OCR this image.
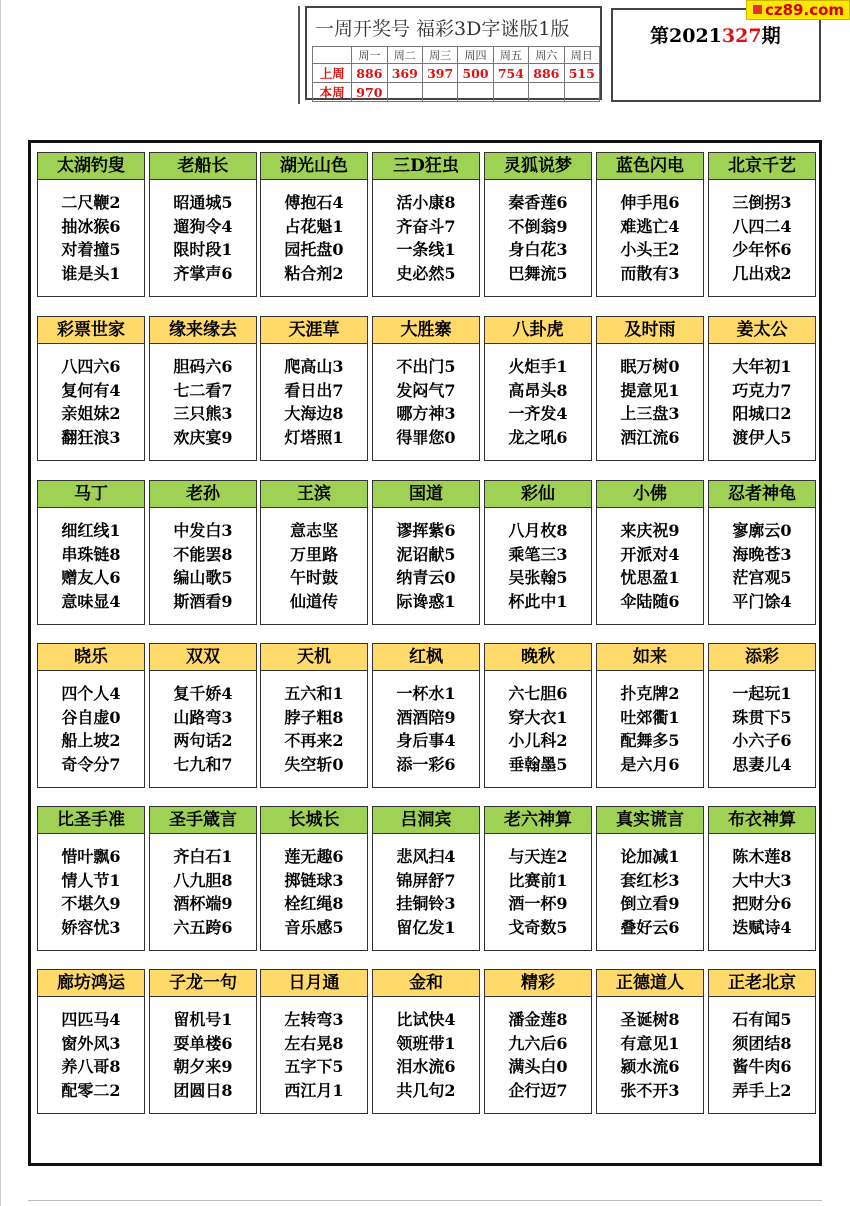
一周开奖号 福彩3D字谜版1版
	周一	周二	周三	周四	周五	周六	周日
上周	886	369	397	500	754	886	515
本周	970						
第2021327期
cz89.com
太湖钓叟
二尺鞭2
抽冰猴6
对着撞5
谁是头1
老船长
昭通城5
遛狗令4
限时段1
齐掌声6
湖光山色
傅抱石4
占花魁1
园托盘0
粘合剂2
三D狂虫
活小康8
齐奋斗7
一条线1
史必然5
灵狐说梦
秦香莲6
不倒翁9
身白花3
巴舞流5
蓝色闪电
伸手甩6
难逃亡4
小头王2
而散有3
北京千艺
三倒拐3
八四二4
少年怀6
几出戏2
彩票世家
八四六6
复何有4
亲姐妹2
翻狂浪3
缘来缘去
胆码六6
七二看7
三只熊3
欢庆宴9
天涯草
爬高山3
看日出7
大海边8
灯塔照1
大胜寨
不出门5
发闷气7
哪方神3
得罪您0
八卦虎
火炬手1
高昂头8
一齐发4
龙之吼6
及时雨
眠万树0
提意见1
上三盘3
洒江流6
姜太公
大年初1
巧克力7
阳城口2
渡伊人5
马丁
细红线1
串珠链8
赠友人6
意味显4
老孙
中发白3
不能罢8
编山歌5
斯酒看9
王滨
意志坚
万里路
午时鼓
仙道传
国道
谬挥紫6
泥诏献5
纳青云0
际谗惑1
彩仙
八月枚8
乘笔三3
吴张翰5
杯此中1
小佛
来庆祝9
开派对4
忧思盈1
伞陆随6
忍者神龟
寥廓云0
海晚苍3
茫宫观5
平门馀4
晓乐
四个人4
谷自虚0
船上坡2
奇令分7
双双
复千娇4
山路弯3
两句话2
七九和7
天机
五六和1
脖子粗8
不再来2
失空斩0
红枫
一杯水1
酒酒陪9
身后事4
添一彩6
晚秋
六七胆6
穿大衣1
小儿科2
垂翰墨5
如来
扑克牌2
吐郊衢1
配舞多5
是六月6
添彩
一起玩1
珠贯下5
小六子6
思妻儿4
比圣手准
惜叶飘6
情人节1
不堪久9
娇容忧3
圣手箴言
齐白石1
八九胆8
酒杯端9
六五跨6
长城长
莲无趣6
掷链球3
栓红绳8
音乐感5
吕洞宾
悲风扫4
锦屏舒7
挂铜铃3
留亿发1
老六神算
与天连2
比赛前1
酒一杯9
戈奇数5
真实谎言
论加减1
套红杉3
倒立看9
叠好云6
布衣神算
陈木莲8
大中大3
把财分6
迭赋诗4
廊坊鸿运
四匹马4
窗外风3
养八哥8
配零二2
子龙一句
留机号1
耍单楼6
朝夕来9
团圆日8
日月通
左转弯3
左右晃8
五字下5
西江月1
金和
比试快4
领班带1
泪水流6
共几句2
精彩
潘金莲8
九六后6
满头白0
企行迈7
正德道人
圣诞树8
有意见1
颍水流6
张不开3
正老北京
石有闻5
须团结8
酱牛肉6
弄手上2
